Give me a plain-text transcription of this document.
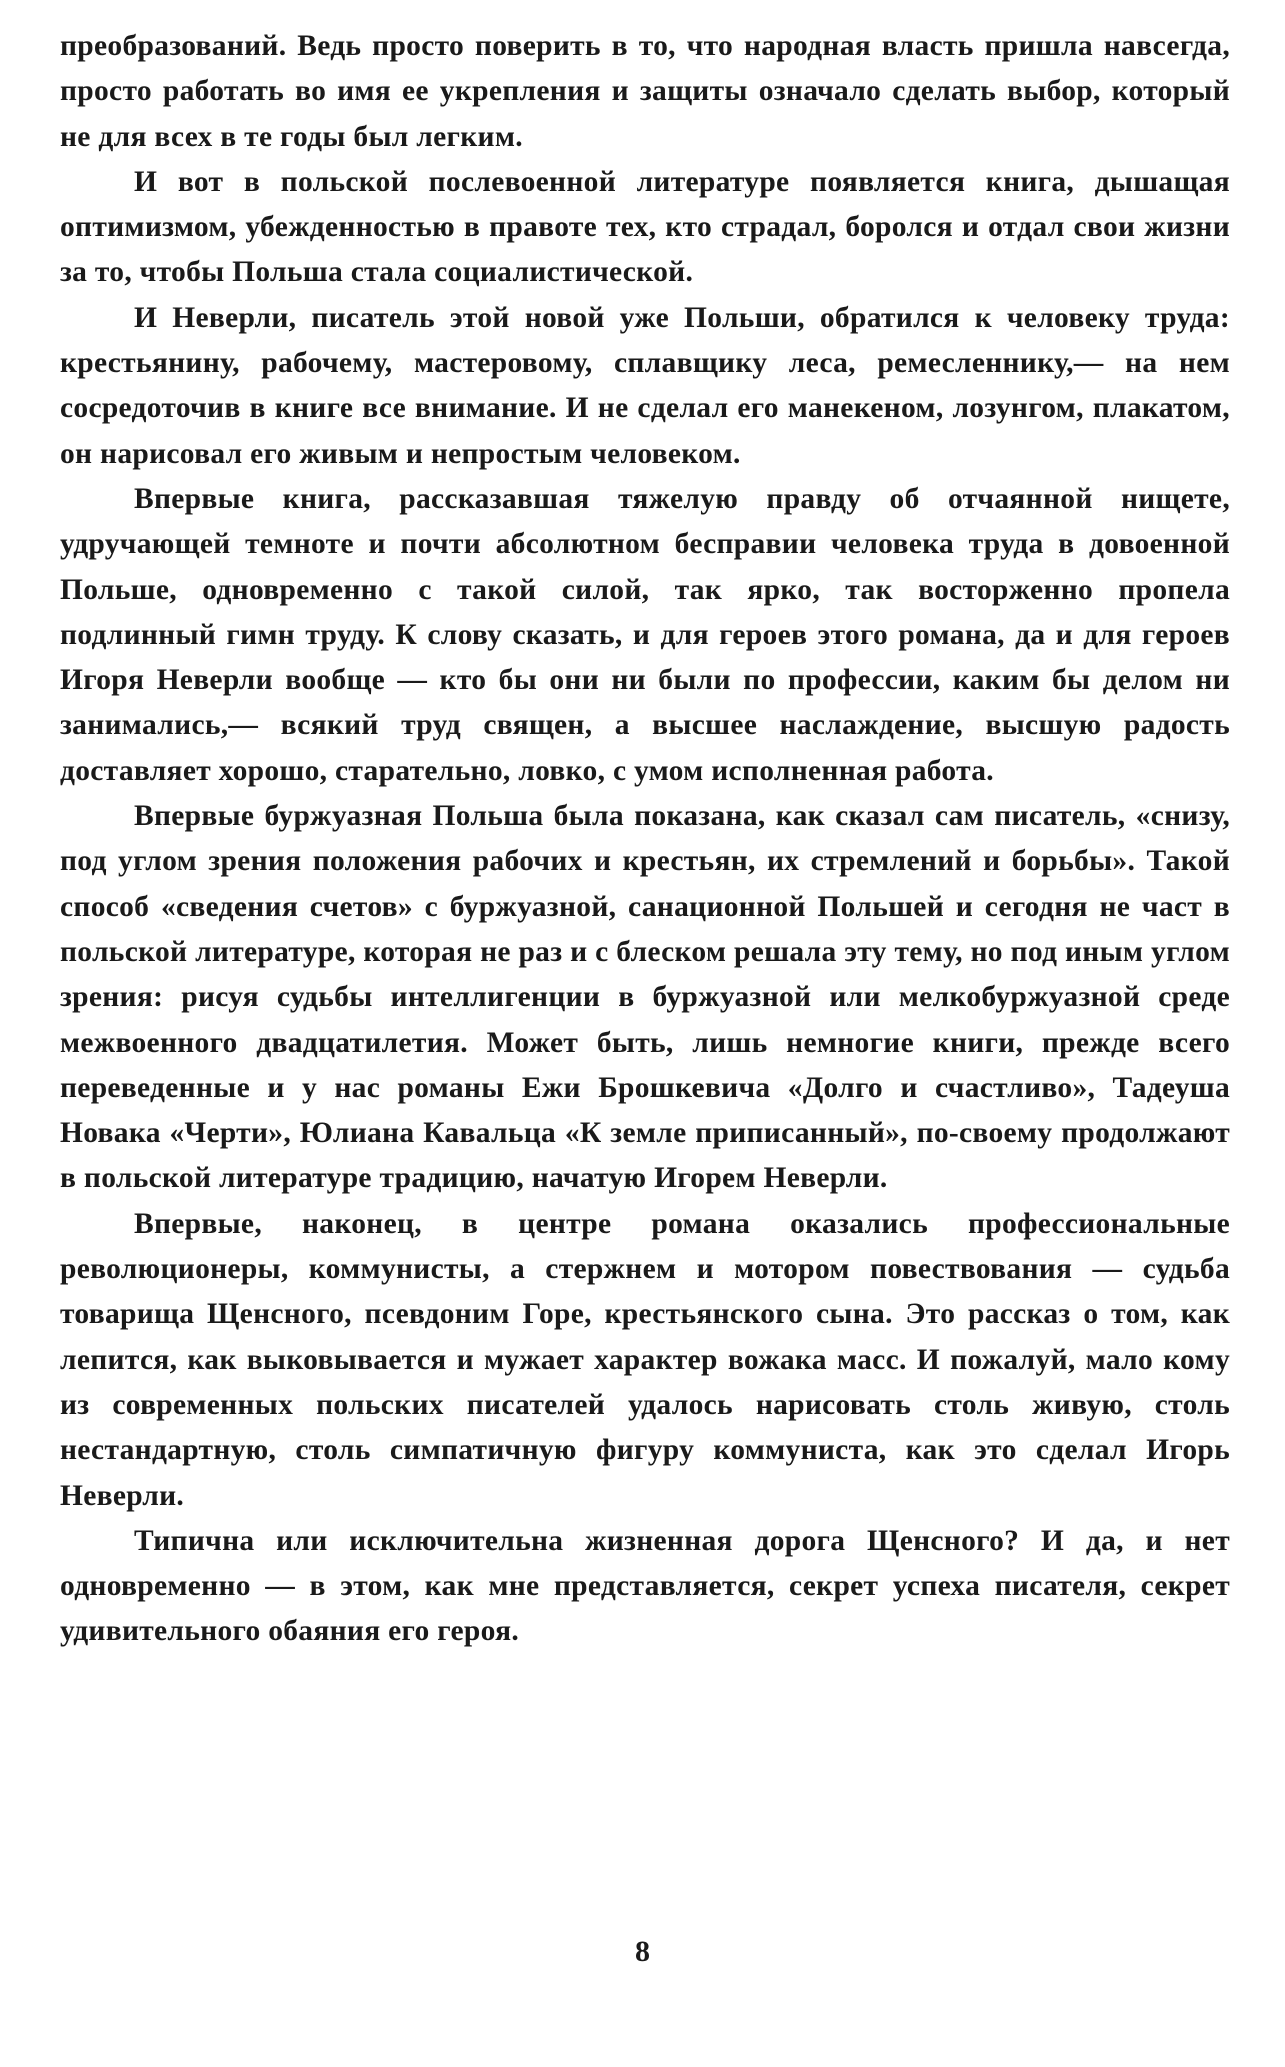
преобразований. Ведь просто поверить в то, что народная власть пришла навсегда, просто работать во имя ее укрепления и защиты означало сделать выбор, который не для всех в те годы был легким.

И вот в польской послевоенной литературе появляется книга, дышащая оптимизмом, убежденностью в правоте тех, кто страдал, боролся и отдал свои жизни за то, чтобы Польша стала социалистической.

И Неверли, писатель этой новой уже Польши, обратился к человеку труда: крестьянину, рабочему, мастеровому, сплавщику леса, ремесленнику,— на нем сосредоточив в книге все внимание. И не сделал его манекеном, лозунгом, плакатом, он нарисовал его живым и непростым человеком.

Впервые книга, рассказавшая тяжелую правду об отчаянной нищете, удручающей темноте и почти абсолютном бесправии человека труда в довоенной Польше, одновременно с такой силой, так ярко, так восторженно пропела подлинный гимн труду. К слову сказать, и для героев этого романа, да и для героев Игоря Неверли вообще — кто бы они ни были по профессии, каким бы делом ни занимались,— всякий труд священ, а высшее наслаждение, высшую радость доставляет хорошо, старательно, ловко, с умом исполненная работа.

Впервые буржуазная Польша была показана, как сказал сам писатель, «снизу, под углом зрения положения рабочих и крестьян, их стремлений и борьбы». Такой способ «сведения счетов» с буржуазной, санационной Польшей и сегодня не част в польской литературе, которая не раз и с блеском решала эту тему, но под иным углом зрения: рисуя судьбы интеллигенции в буржуазной или мелкобуржуазной среде межвоенного двадцатилетия. Может быть, лишь немногие книги, прежде всего переведенные и у нас романы Ежи Брошкевича «Долго и счастливо», Тадеуша Новака «Черти», Юлиана Кавальца «К земле приписанный», по-своему продолжают в польской литературе традицию, начатую Игорем Неверли.

Впервые, наконец, в центре романа оказались профессиональные революционеры, коммунисты, а стержнем и мотором повествования — судьба товарища Щенсного, псевдоним Горе, крестьянского сына. Это рассказ о том, как лепится, как выковывается и мужает характер вожака масс. И пожалуй, мало кому из современных польских писателей удалось нарисовать столь живую, столь нестандартную, столь симпатичную фигуру коммуниста, как это сделал Игорь Неверли.

Типична или исключительна жизненная дорога Щенсного? И да, и нет одновременно — в этом, как мне представляется, секрет успеха писателя, секрет удивительного обаяния его героя.

8
